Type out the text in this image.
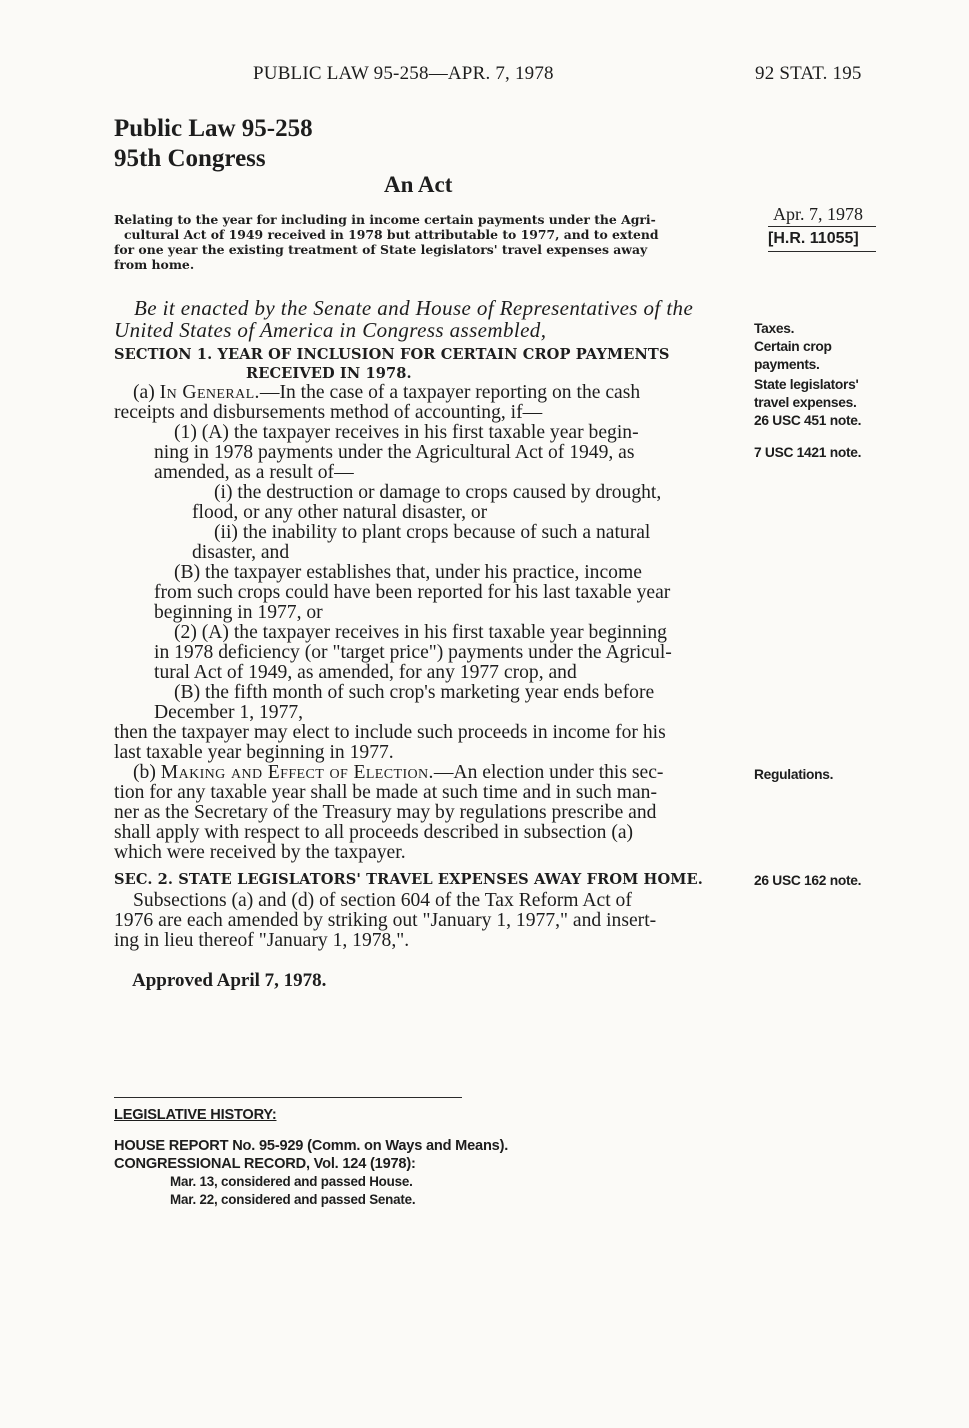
PUBLIC LAW 95-258—APR. 7, 1978	92 STAT. 195
Public Law 95-258
95th Congress
An Act
Relating to the year for including in income certain payments under the Agri-
cultural Act of 1949 received in 1978 but attributable to 1977, and to extend
for one year the existing treatment of State legislators' travel expenses away
from home.
Apr. 7, 1978
[H.R. 11055]
Be it enacted by the Senate and House of Representatives of the
United States of America in Congress assembled,
SECTION 1. YEAR OF INCLUSION FOR CERTAIN CROP PAYMENTS
RECEIVED IN 1978.
(a) In General.—In the case of a taxpayer reporting on the cash
receipts and disbursements method of accounting, if—
(1) (A) the taxpayer receives in his first taxable year begin-
ning in 1978 payments under the Agricultural Act of 1949, as
amended, as a result of—
(i) the destruction or damage to crops caused by drought,
flood, or any other natural disaster, or
(ii) the inability to plant crops because of such a natural
disaster, and
(B) the taxpayer establishes that, under his practice, income
from such crops could have been reported for his last taxable year
beginning in 1977, or
(2) (A) the taxpayer receives in his first taxable year beginning
in 1978 deficiency (or "target price") payments under the Agricul-
tural Act of 1949, as amended, for any 1977 crop, and
(B) the fifth month of such crop's marketing year ends before
December 1, 1977,
then the taxpayer may elect to include such proceeds in income for his
last taxable year beginning in 1977.
(b) Making and Effect of Election.—An election under this sec-
tion for any taxable year shall be made at such time and in such man-
ner as the Secretary of the Treasury may by regulations prescribe and
shall apply with respect to all proceeds described in subsection (a)
which were received by the taxpayer.
SEC. 2. STATE LEGISLATORS' TRAVEL EXPENSES AWAY FROM HOME.
Subsections (a) and (d) of section 604 of the Tax Reform Act of
1976 are each amended by striking out "January 1, 1977," and insert-
ing in lieu thereof "January 1, 1978,".
Approved April 7, 1978.
Taxes.
Certain crop
payments.
State legislators'
travel expenses.
26 USC 451 note.
7 USC 1421 note.
Regulations.
26 USC 162 note.
LEGISLATIVE HISTORY:
HOUSE REPORT No. 95-929 (Comm. on Ways and Means).
CONGRESSIONAL RECORD, Vol. 124 (1978):
Mar. 13, considered and passed House.
Mar. 22, considered and passed Senate.
